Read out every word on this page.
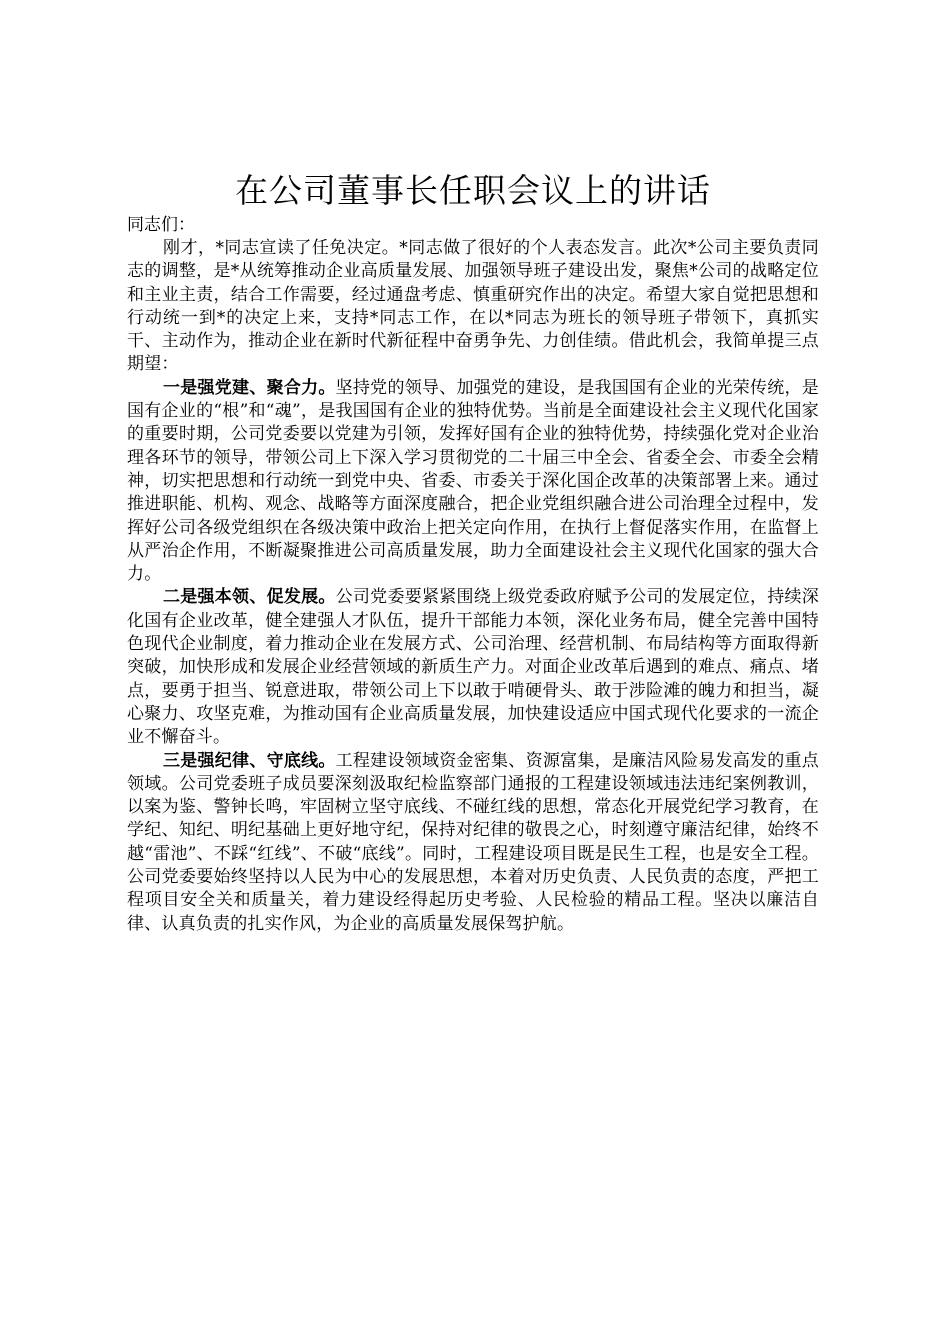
在公司董事长任职会议上的讲话

同志们：

刚才，*同志宣读了任免决定。*同志做了很好的个人表态发言。此次*公司主要负责同志的调整，是*从统筹推动企业高质量发展、加强领导班子建设出发，聚焦*公司的战略定位和主业主责，结合工作需要，经过通盘考虑、慎重研究作出的决定。希望大家自觉把思想和行动统一到*的决定上来，支持*同志工作，在以*同志为班长的领导班子带领下，真抓实干、主动作为，推动企业在新时代新征程中奋勇争先、力创佳绩。借此机会，我简单提三点期望：

一是强党建、聚合力。坚持党的领导、加强党的建设，是我国国有企业的光荣传统，是国有企业的“根”和“魂”，是我国国有企业的独特优势。当前是全面建设社会主义现代化国家的重要时期，公司党委要以党建为引领，发挥好国有企业的独特优势，持续强化党对企业治理各环节的领导，带领公司上下深入学习贯彻党的二十届三中全会、省委全会、市委全会精神，切实把思想和行动统一到党中央、省委、市委关于深化国企改革的决策部署上来。通过推进职能、机构、观念、战略等方面深度融合，把企业党组织融合进公司治理全过程中，发挥好公司各级党组织在各级决策中政治上把关定向作用，在执行上督促落实作用，在监督上从严治企作用，不断凝聚推进公司高质量发展，助力全面建设社会主义现代化国家的强大合力。

二是强本领、促发展。公司党委要紧紧围绕上级党委政府赋予公司的发展定位，持续深化国有企业改革，健全建强人才队伍，提升干部能力本领，深化业务布局，健全完善中国特色现代企业制度，着力推动企业在发展方式、公司治理、经营机制、布局结构等方面取得新突破，加快形成和发展企业经营领域的新质生产力。对面企业改革后遇到的难点、痛点、堵点，要勇于担当、锐意进取，带领公司上下以敢于啃硬骨头、敢于涉险滩的魄力和担当，凝心聚力、攻坚克难，为推动国有企业高质量发展，加快建设适应中国式现代化要求的一流企业不懈奋斗。

三是强纪律、守底线。工程建设领域资金密集、资源富集，是廉洁风险易发高发的重点领域。公司党委班子成员要深刻汲取纪检监察部门通报的工程建设领域违法违纪案例教训，以案为鉴、警钟长鸣，牢固树立坚守底线、不碰红线的思想，常态化开展党纪学习教育，在学纪、知纪、明纪基础上更好地守纪，保持对纪律的敬畏之心，时刻遵守廉洁纪律，始终不越“雷池”、不踩“红线”、不破“底线”。同时，工程建设项目既是民生工程，也是安全工程。公司党委要始终坚持以人民为中心的发展思想，本着对历史负责、人民负责的态度，严把工程项目安全关和质量关，着力建设经得起历史考验、人民检验的精品工程。坚决以廉洁自律、认真负责的扎实作风，为企业的高质量发展保驾护航。
